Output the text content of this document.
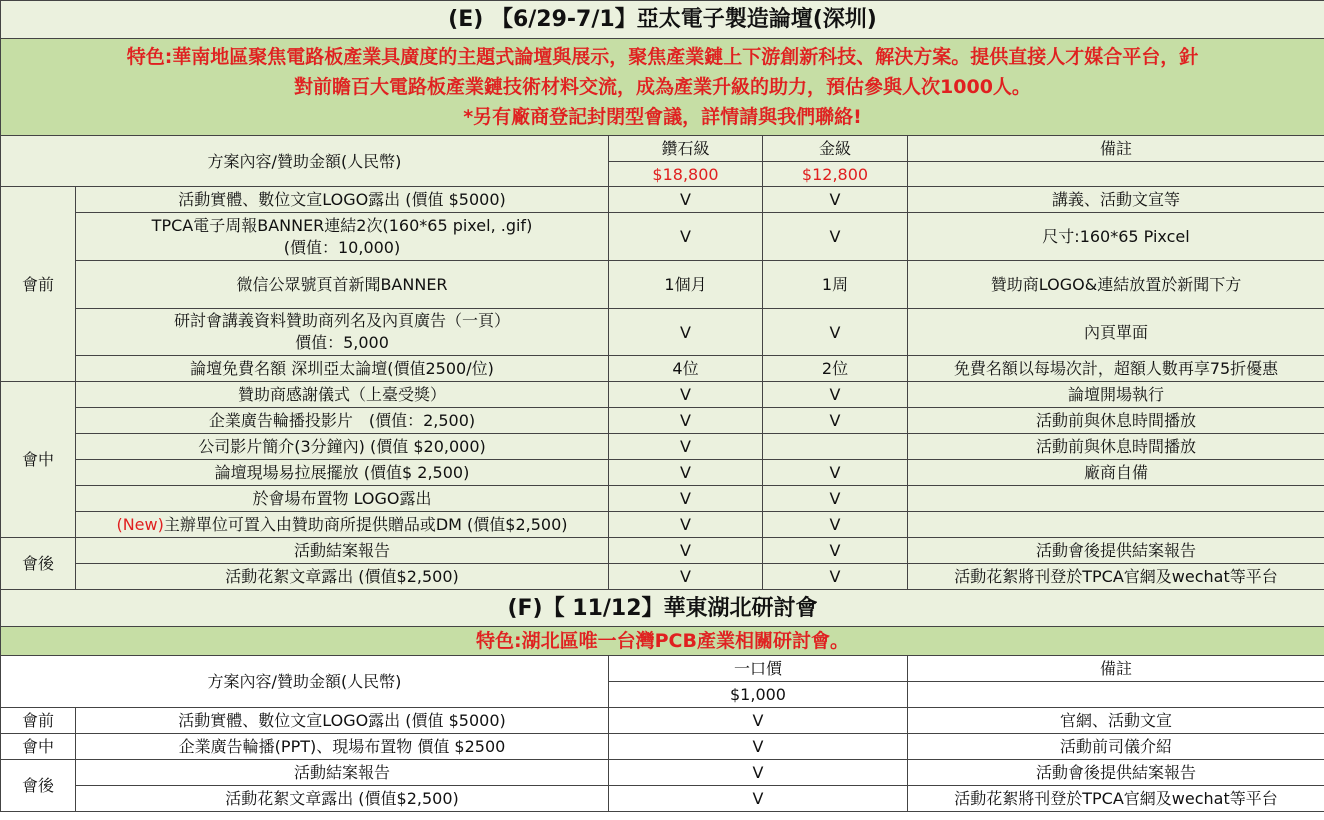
(E) 【6/29-7/1】亞太電子製造論壇(深圳)				

特色:華南地區聚焦電路板產業具廣度的主題式論壇與展示，聚焦產業鏈上下游創新科技、解決方案。提供直接人才媒合平台，針
對前瞻百大電路板產業鏈技術材料交流，成為產業升級的助力，預估參與人次1000人。
*另有廠商登記封閉型會議，詳情請與我們聯絡!				

方案內容/贊助金額(人民幣)		鑽石級	金級	備註
		$18,800	$12,800	
會前	活動實體、數位文宣LOGO露出 (價值 $5000)	V	V	講義、活動文宣等

	TPCA電子周報BANNER連結2次(160*65 pixel, .gif)
(價值：10,000)	V	V	尺寸:160*65 Pixcel
	微信公眾號頁首新聞BANNER	1個月	1周	贊助商LOGO&連結放置於新聞下方

	研討會講義資料贊助商列名及內頁廣告（一頁）
價值：5,000	V	V	內頁單面
	論壇免費名額 深圳亞太論壇(價值2500/位)	4位	2位	免費名額以每場次計，超額人數再享75折優惠
會中	贊助商感謝儀式（上臺受獎）	V	V	論壇開場執行
	企業廣告輪播投影片　(價值：2,500)	V	V	活動前與休息時間播放
	公司影片簡介(3分鐘內) (價值 $20,000)	V		活動前與休息時間播放
	論壇現場易拉展擺放 (價值$ 2,500)	V	V	廠商自備
	於會場布置物 LOGO露出	V	V	
	(New)主辦單位可置入由贊助商所提供贈品或DM (價值$2,500)	V	V	
會後	活動結案報告	V	V	活動會後提供結案報告
	活動花絮文章露出 (價值$2,500)	V	V	活動花絮將刊登於TPCA官網及wechat等平台
(F)【 11/12】華東湖北研討會			
特色:湖北區唯一台灣PCB產業相關研討會。			
方案內容/贊助金額(人民幣)		一口價	備註
		$1,000	
會前	活動實體、數位文宣LOGO露出 (價值 $5000)	V	官網、活動文宣
會中	企業廣告輪播(PPT)、現場布置物 價值 $2500	V	活動前司儀介紹
會後	活動結案報告	V	活動會後提供結案報告
	活動花絮文章露出 (價值$2,500)	V	活動花絮將刊登於TPCA官網及wechat等平台
